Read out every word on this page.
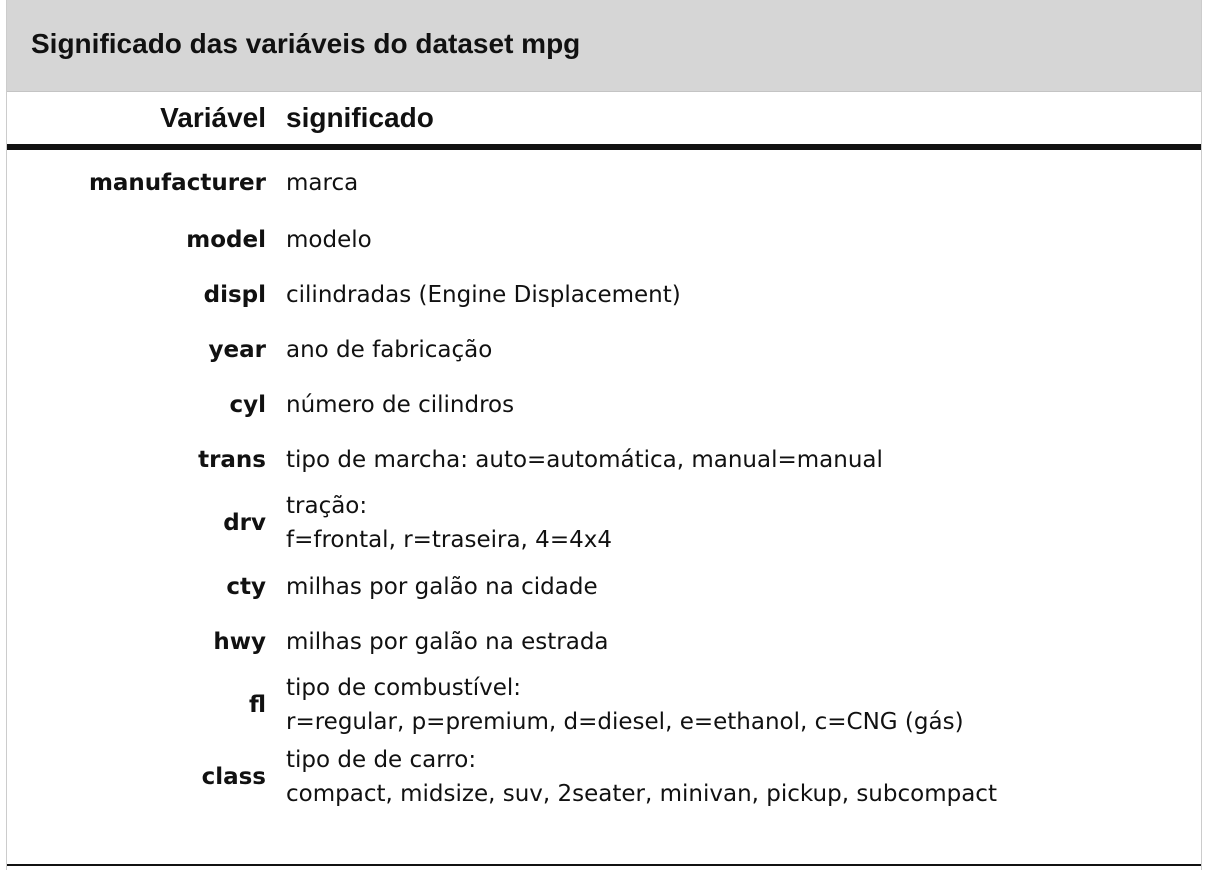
Significado das variáveis do dataset mpg
Variável significado
manufacturer marca
model modelo
displ cilindradas (Engine Displacement)
year ano de fabricação
cyl número de cilindros
trans tipo de marcha: auto=automática, manual=manual
drv
tração:
f=frontal, r=traseira, 4=4x4
cty milhas por galão na cidade
hwy milhas por galão na estrada
fl
tipo de combustível:
r=regular, p=premium, d=diesel, e=ethanol, c=CNG (gás)
class
tipo de de carro:
compact, midsize, suv, 2seater, minivan, pickup, subcompact
